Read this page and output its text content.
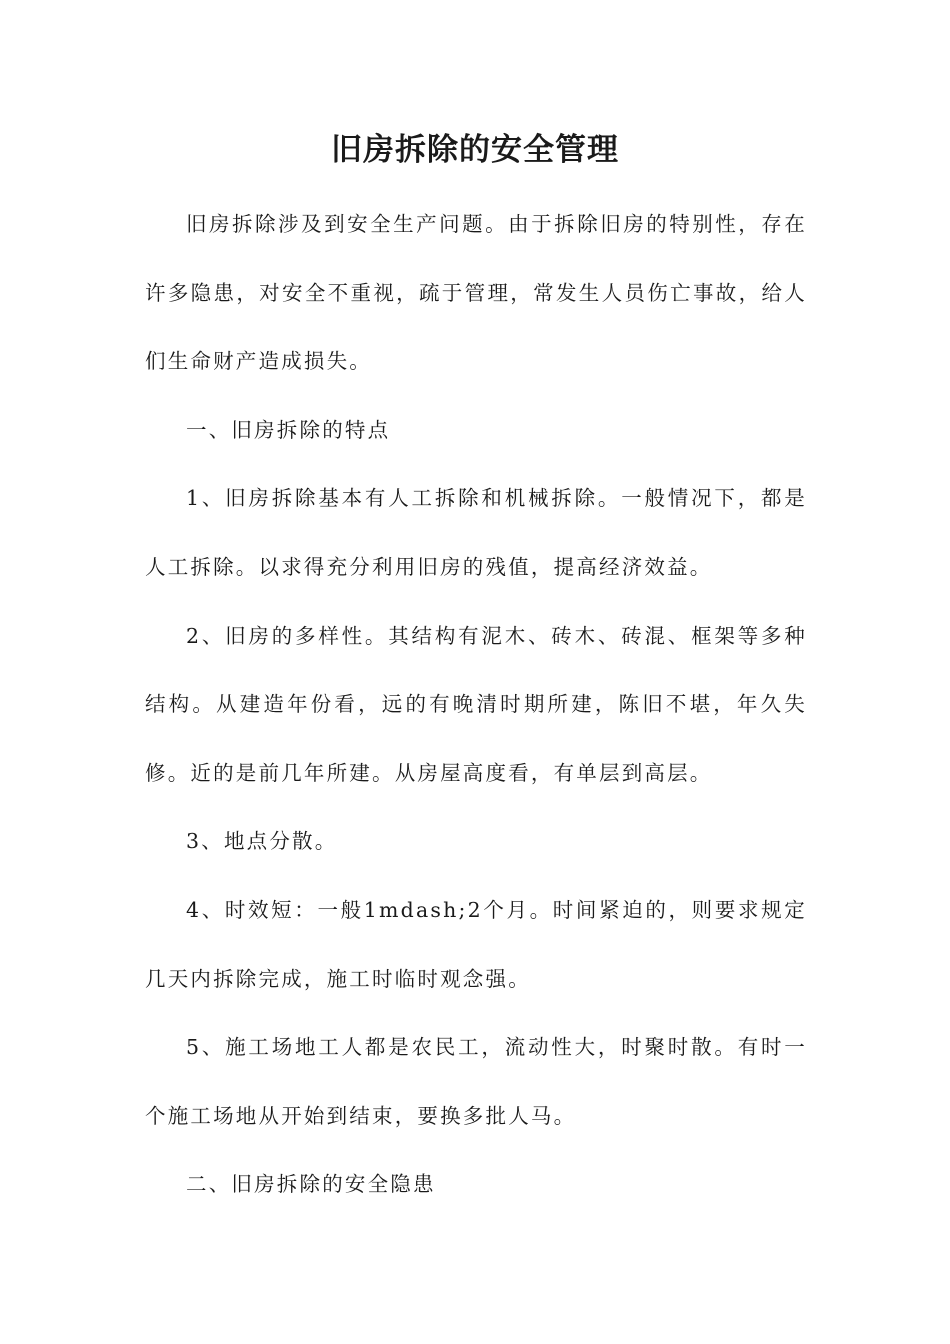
旧房拆除的安全管理

旧房拆除涉及到安全生产问题。由于拆除旧房的特别性，存在许多隐患，对安全不重视，疏于管理，常发生人员伤亡事故，给人们生命财产造成损失。

一、旧房拆除的特点

1、旧房拆除基本有人工拆除和机械拆除。一般情况下，都是人工拆除。以求得充分利用旧房的残值，提高经济效益。

2、旧房的多样性。其结构有泥木、砖木、砖混、框架等多种结构。从建造年份看，远的有晚清时期所建，陈旧不堪，年久失修。近的是前几年所建。从房屋高度看，有单层到高层。

3、地点分散。

4、时效短：一般1mdash;2个月。时间紧迫的，则要求规定几天内拆除完成，施工时临时观念强。

5、施工场地工人都是农民工，流动性大，时聚时散。有时一个施工场地从开始到结束，要换多批人马。

二、旧房拆除的安全隐患
